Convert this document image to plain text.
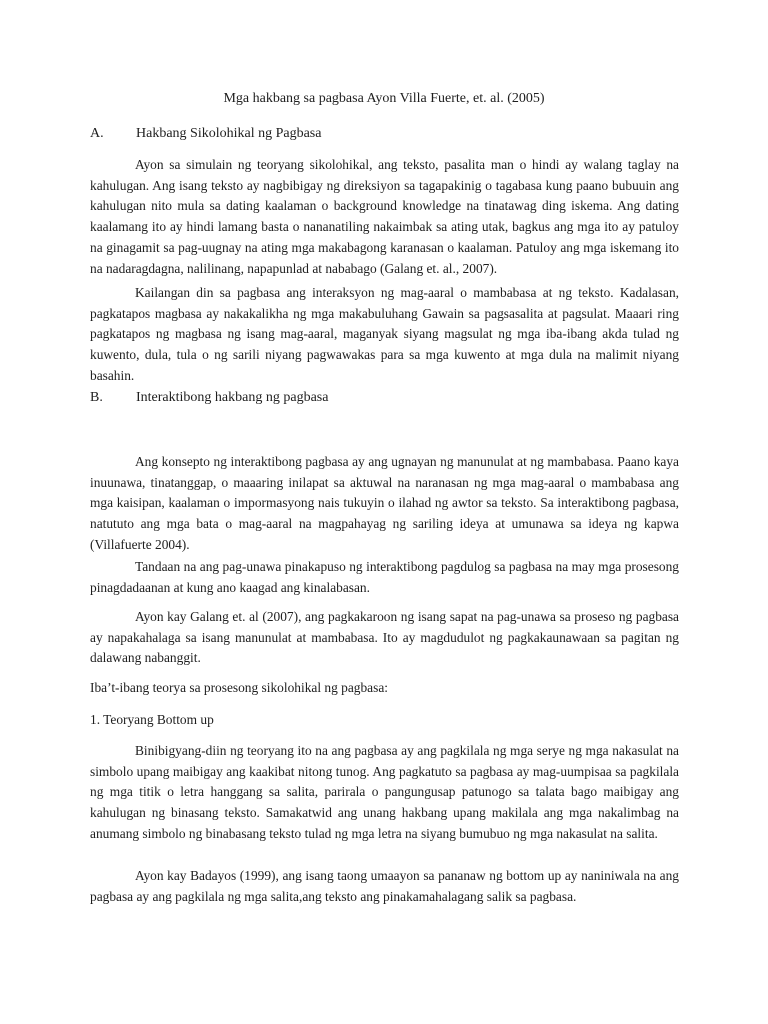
Mga hakbang sa pagbasa Ayon Villa Fuerte, et. al. (2005)
A. Hakbang Sikolohikal ng Pagbasa

Ayon sa simulain ng teoryang sikolohikal, ang teksto, pasalita man o hindi ay walang taglay na kahulugan. Ang isang teksto ay nagbibigay ng direksiyon sa tagapakinig o tagabasa kung paano bubuuin ang kahulugan nito mula sa dating kaalaman o background knowledge na tinatawag ding iskema. Ang dating kaalamang ito ay hindi lamang basta o nananatiling nakaimbak sa ating utak, bagkus ang mga ito ay patuloy na ginagamit sa pag-uugnay na ating mga makabagong karanasan o kaalaman. Patuloy ang mga iskemang ito na nadaragdagna, nalilinang, napapunlad at nababago (Galang et. al., 2007).

Kailangan din sa pagbasa ang interaksyon ng mag-aaral o mambabasa at ng teksto. Kadalasan, pagkatapos magbasa ay nakakalikha ng mga makabuluhang Gawain sa pagsasalita at pagsulat. Maaari ring pagkatapos ng magbasa ng isang mag-aaral, maganyak siyang magsulat ng mga iba-ibang akda tulad ng kuwento, dula, tula o ng sarili niyang pagwawakas para sa mga kuwento at mga dula na malimit niyang basahin.

B. Interaktibong hakbang ng pagbasa

Ang konsepto ng interaktibong pagbasa ay ang ugnayan ng manunulat at ng mambabasa. Paano kaya inuunawa, tinatanggap, o maaaring inilapat sa aktuwal na naranasan ng mga mag-aaral o mambabasa ang mga kaisipan, kaalaman o impormasyong nais tukuyin o ilahad ng awtor sa teksto. Sa interaktibong pagbasa, natututo ang mga bata o mag-aaral na magpahayag ng sariling ideya at umunawa sa ideya ng kapwa (Villafuerte 2004).

Tandaan na ang pag-unawa pinakapuso ng interaktibong pagdulog sa pagbasa na may mga prosesong pinagdadaanan at kung ano kaagad ang kinalabasan.

Ayon kay Galang et. al (2007), ang pagkakaroon ng isang sapat na pag-unawa sa proseso ng pagbasa ay napakahalaga sa isang manunulat at mambabasa. Ito ay magdudulot ng pagkakaunawaan sa pagitan ng dalawang nabanggit.

Iba’t-ibang teorya sa prosesong sikolohikal ng pagbasa:

1. Teoryang Bottom up

Binibigyang-diin ng teoryang ito na ang pagbasa ay ang pagkilala ng mga serye ng mga nakasulat na simbolo upang maibigay ang kaakibat nitong tunog. Ang pagkatuto sa pagbasa ay mag-uumpisaa sa pagkilala ng mga titik o letra hanggang sa salita, parirala o pangungusap patunogo sa talata bago maibigay ang kahulugan ng binasang teksto. Samakatwid ang unang hakbang upang makilala ang mga nakalimbag na anumang simbolo ng binabasang teksto tulad ng mga letra na siyang bumubuo ng mga nakasulat na salita.

Ayon kay Badayos (1999), ang isang taong umaayon sa pananaw ng bottom up ay naniniwala na ang pagbasa ay ang pagkilala ng mga salita,ang teksto ang pinakamahalagang salik sa pagbasa.
